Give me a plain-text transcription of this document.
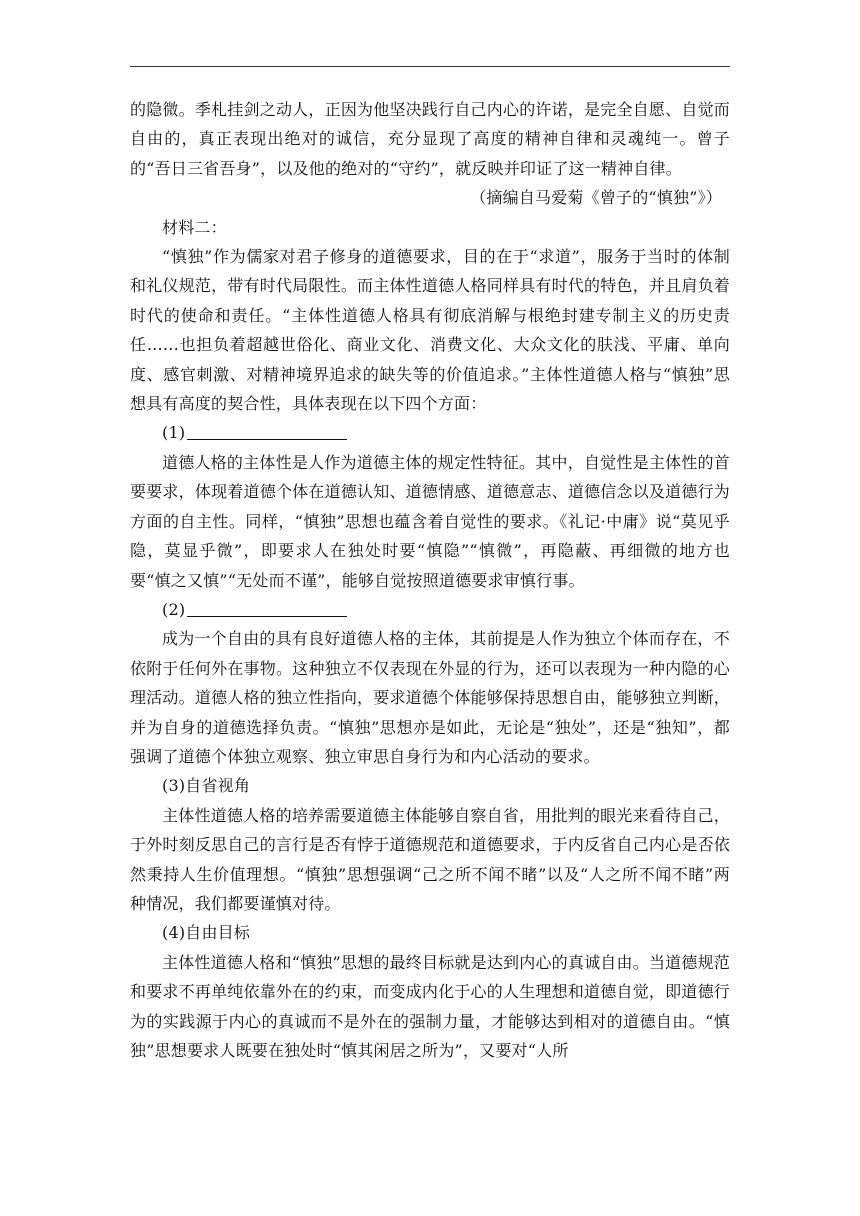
的隐微。季札挂剑之动人，正因为他坚决践行自己内心的许诺，是完全自愿、自觉而自由的，真正表现出绝对的诚信，充分显现了高度的精神自律和灵魂纯一。曾子的“吾日三省吾身”，以及他的绝对的“守约”，就反映并印证了这一精神自律。

（摘编自马爱菊《曾子的“慎独”》）

材料二：

“慎独”作为儒家对君子修身的道德要求，目的在于“求道”，服务于当时的体制和礼仪规范，带有时代局限性。而主体性道德人格同样具有时代的特色，并且肩负着时代的使命和责任。“主体性道德人格具有彻底消解与根绝封建专制主义的历史责任……也担负着超越世俗化、商业文化、消费文化、大众文化的肤浅、平庸、单向度、感官刺激、对精神境界追求的缺失等的价值追求。”主体性道德人格与“慎独”思想具有高度的契合性，具体表现在以下四个方面：

(1)

道德人格的主体性是人作为道德主体的规定性特征。其中，自觉性是主体性的首要要求，体现着道德个体在道德认知、道德情感、道德意志、道德信念以及道德行为方面的自主性。同样，“慎独”思想也蕴含着自觉性的要求。《礼记·中庸》说“莫见乎隐，莫显乎微”，即要求人在独处时要“慎隐”“慎微”，再隐蔽、再细微的地方也要“慎之又慎”“无处而不谨”，能够自觉按照道德要求审慎行事。

(2)

成为一个自由的具有良好道德人格的主体，其前提是人作为独立个体而存在，不依附于任何外在事物。这种独立不仅表现在外显的行为，还可以表现为一种内隐的心理活动。道德人格的独立性指向，要求道德个体能够保持思想自由，能够独立判断，并为自身的道德选择负责。“慎独”思想亦是如此，无论是“独处”，还是“独知”，都强调了道德个体独立观察、独立审思自身行为和内心活动的要求。

(3)自省视角

主体性道德人格的培养需要道德主体能够自察自省，用批判的眼光来看待自己，于外时刻反思自己的言行是否有悖于道德规范和道德要求，于内反省自己内心是否依然秉持人生价值理想。“慎独”思想强调“己之所不闻不睹”以及“人之所不闻不睹”两种情况，我们都要谨慎对待。

(4)自由目标

主体性道德人格和“慎独”思想的最终目标就是达到内心的真诚自由。当道德规范和要求不再单纯依靠外在的约束，而变成内化于心的人生理想和道德自觉，即道德行为的实践源于内心的真诚而不是外在的强制力量，才能够达到相对的道德自由。“慎独”思想要求人既要在独处时“慎其闲居之所为”，又要对“人所
